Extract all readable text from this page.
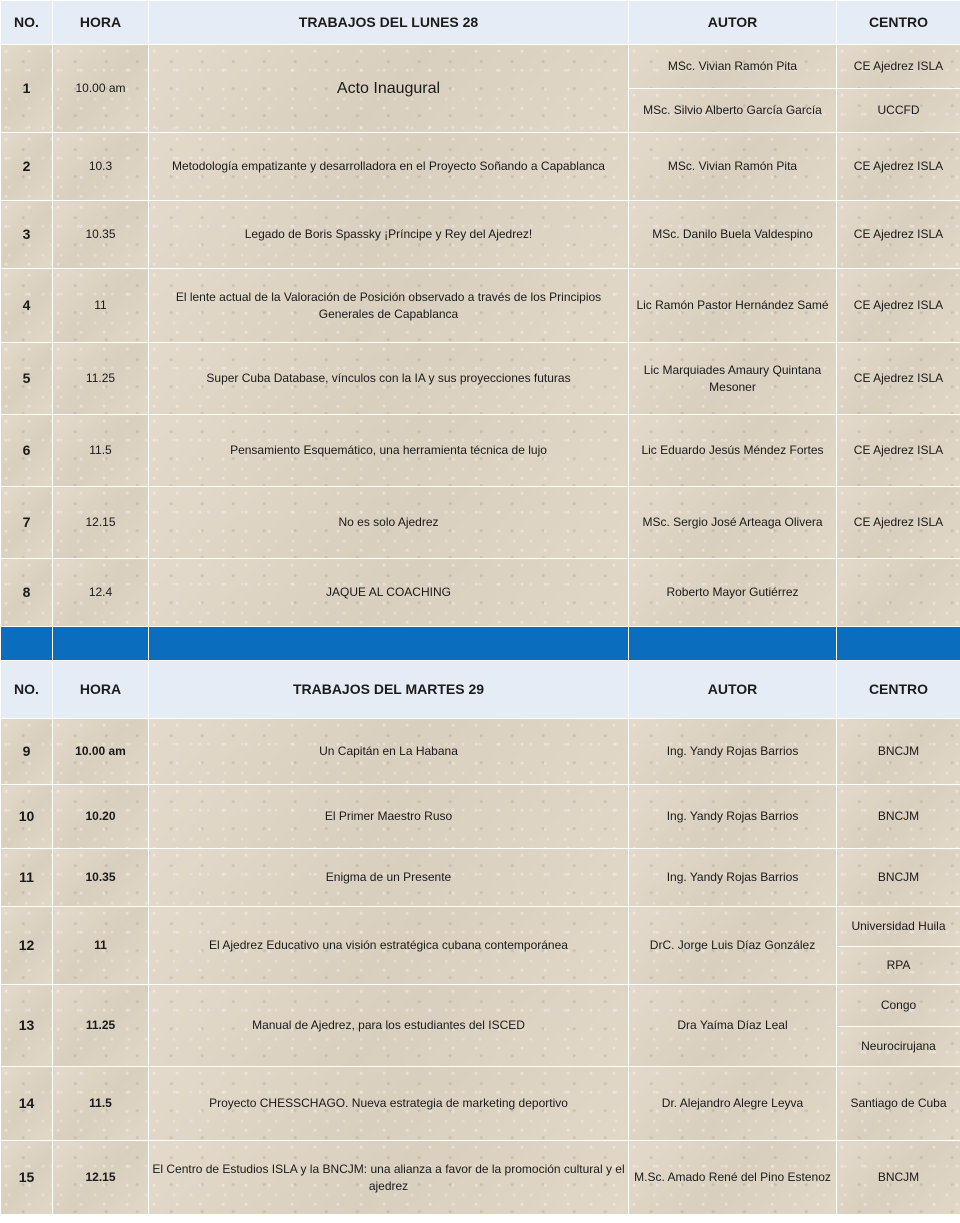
NO.	HORA	TRABAJOS DEL LUNES 28	AUTOR	CENTRO
1	10.00 am	Acto Inaugural	MSc. Vivian Ramón Pita	CE Ajedrez ISLA
			MSc. Silvio Alberto García García	UCCFD
2	10.3	Metodología empatizante y desarrolladora en el Proyecto Soñando a Capablanca	MSc. Vivian Ramón Pita	CE Ajedrez ISLA
3	10.35	Legado de Boris Spassky ¡Príncipe y Rey del Ajedrez!	MSc. Danilo Buela Valdespino	CE Ajedrez ISLA
4	11	El lente actual de la Valoración de Posición observado a través de los Principios Generales de Capablanca	Lic Ramón Pastor Hernández Samé	CE Ajedrez ISLA
5	11.25	Super Cuba Database, vínculos con la IA y sus proyecciones futuras	Lic Marquiades Amaury Quintana Mesoner	CE Ajedrez ISLA
6	11.5	Pensamiento Esquemático, una herramienta técnica de lujo	Lic Eduardo Jesús Méndez Fortes	CE Ajedrez ISLA
7	12.15	No es solo Ajedrez	MSc. Sergio José Arteaga Olivera	CE Ajedrez ISLA
8	12.4	JAQUE AL COACHING	Roberto Mayor Gutiérrez	

NO.	HORA	TRABAJOS DEL MARTES 29	AUTOR	CENTRO
9	10.00 am	Un Capitán en La Habana	Ing. Yandy Rojas Barrios	BNCJM
10	10.20	El Primer Maestro Ruso	Ing. Yandy Rojas Barrios	BNCJM
11	10.35	Enigma de un Presente	Ing. Yandy Rojas Barrios	BNCJM
12	11	El Ajedrez Educativo una visión estratégica cubana contemporánea	DrC. Jorge Luis Díaz González	Universidad Huila
				RPA
13	11.25	Manual de Ajedrez, para los estudiantes del ISCED	Dra Yaíma Díaz Leal	Congo
				Neurocirujana
14	11.5	Proyecto CHESSCHAGO. Nueva estrategia de marketing deportivo	Dr. Alejandro Alegre Leyva	Santiago de Cuba
15	12.15	El Centro de Estudios ISLA y la BNCJM: una alianza a favor de la promoción cultural y el ajedrez	M.Sc. Amado René del Pino Estenoz	BNCJM
